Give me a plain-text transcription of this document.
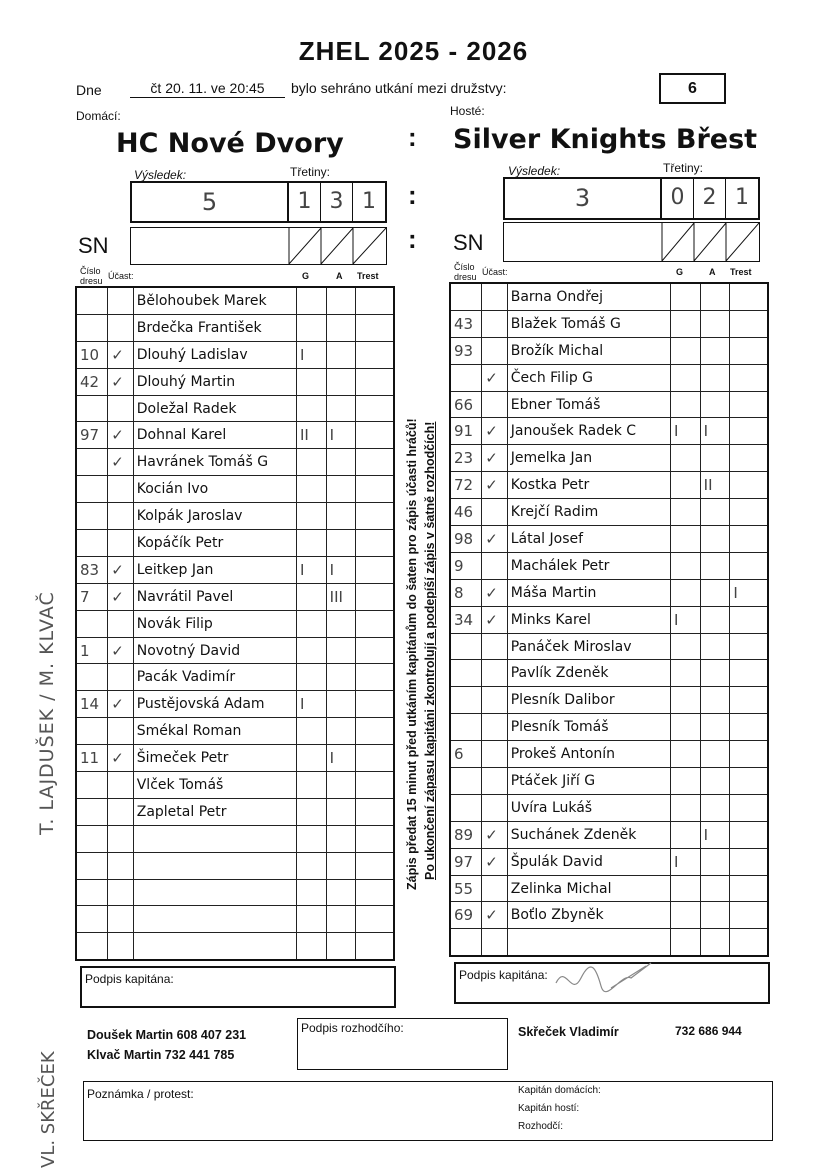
ZHEL 2025 - 2026
Dne	čt 20. 11. ve 20:45	bylo sehráno utkání mezi družstvy:	6
Domácí:	Hosté:
HC Nové Dvory	Silver Knights Břest
:
:
:
Výsledek:	Třetiny:
5	1 3 1
Výsledek:	Třetiny:
3	0 2 1
SN	SN
Číslo dresu Účast:	G	A Trest
Číslo dresu Účast:	G	A Trest
		Bělohoubek Marek			
		Brdečka František			
10	✓	Dlouhý Ladislav	I		
42	✓	Dlouhý Martin			
		Doležal Radek			
97	✓	Dohnal Karel	II	I	
	✓	Havránek Tomáš G			
		Kocián Ivo			
		Kolpák Jaroslav			
		Kopáčík Petr			
83	✓	Leitkep Jan	I	I	
7	✓	Navrátil Pavel		III	
		Novák Filip			
1	✓	Novotný David			
		Pacák Vadimír			
14	✓	Pustějovská Adam	I		
		Smékal Roman			
11	✓	Šimeček Petr		I	
		Vlček Tomáš			
		Zapletal Petr			

		Barna Ondřej			
43		Blažek Tomáš G			
93		Brožík Michal			
	✓	Čech Filip G			
66		Ebner Tomáš			
91	✓	Janoušek Radek C	I	I	
23	✓	Jemelka Jan			
72	✓	Kostka Petr		II	
46		Krejčí Radim			
98	✓	Látal Josef			
9		Machálek Petr			
8	✓	Máša Martin			I
34	✓	Minks Karel	I		
		Panáček Miroslav			
		Pavlík Zdeněk			
		Plesník Dalibor			
		Plesník Tomáš			
6		Prokeš Antonín			
		Ptáček Jiří G			
		Uvíra Lukáš			
89	✓	Suchánek Zdeněk		I	
97	✓	Špulák David	I		
55		Zelinka Michal			
69	✓	Boťlo Zbyněk			

Zápis předat 15 minut před utkáním kapitánům do šaten pro zápis účasti hráčů! Po ukončení zápasu kapitáni zkontrolují a podepíší zápis v šatně rozhodčích!
T. LAJDUŠEK / M. KLVAČ
VL. SKŘEČEK
Podpis kapitána:	Podpis kapitána:
Doušek Martin 608 407 231
Klvač Martin 732 441 785
Podpis rozhodčího:	Skřeček Vladimír	732 686 944
Poznámka / protest:	Kapitán domácích:
Kapitán hostí:
Rozhodčí:
